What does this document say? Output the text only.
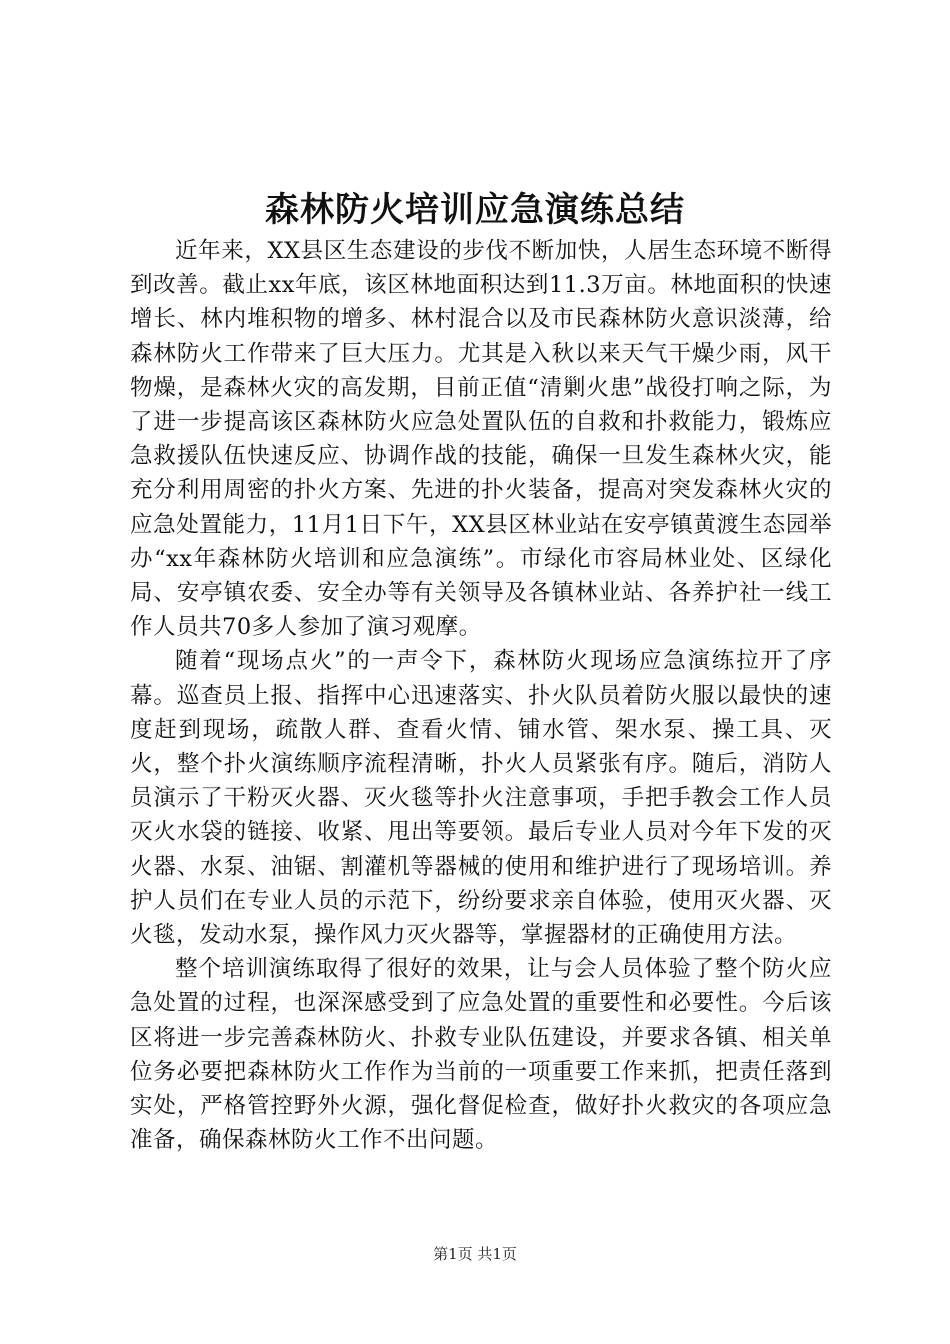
森林防火培训应急演练总结

近年来，XX县区生态建设的步伐不断加快，人居生态环境不断得到改善。截止xx年底，该区林地面积达到11.3万亩。林地面积的快速增长、林内堆积物的增多、林村混合以及市民森林防火意识淡薄，给森林防火工作带来了巨大压力。尤其是入秋以来天气干燥少雨，风干物燥，是森林火灾的高发期，目前正值“清剿火患”战役打响之际，为了进一步提高该区森林防火应急处置队伍的自救和扑救能力，锻炼应急救援队伍快速反应、协调作战的技能，确保一旦发生森林火灾，能充分利用周密的扑火方案、先进的扑火装备，提高对突发森林火灾的应急处置能力，11月1日下午，XX县区林业站在安亭镇黄渡生态园举办“xx年森林防火培训和应急演练”。市绿化市容局林业处、区绿化局、安亭镇农委、安全办等有关领导及各镇林业站、各养护社一线工作人员共70多人参加了演习观摩。

随着“现场点火”的一声令下，森林防火现场应急演练拉开了序幕。巡查员上报、指挥中心迅速落实、扑火队员着防火服以最快的速度赶到现场，疏散人群、查看火情、铺水管、架水泵、操工具、灭火，整个扑火演练顺序流程清晰，扑火人员紧张有序。随后，消防人员演示了干粉灭火器、灭火毯等扑火注意事项，手把手教会工作人员灭火水袋的链接、收紧、甩出等要领。最后专业人员对今年下发的灭火器、水泵、油锯、割灌机等器械的使用和维护进行了现场培训。养护人员们在专业人员的示范下，纷纷要求亲自体验，使用灭火器、灭火毯，发动水泵，操作风力灭火器等，掌握器材的正确使用方法。

整个培训演练取得了很好的效果，让与会人员体验了整个防火应急处置的过程，也深深感受到了应急处置的重要性和必要性。今后该区将进一步完善森林防火、扑救专业队伍建设，并要求各镇、相关单位务必要把森林防火工作作为当前的一项重要工作来抓，把责任落到实处，严格管控野外火源，强化督促检查，做好扑火救灾的各项应急准备，确保森林防火工作不出问题。

第1页 共1页
